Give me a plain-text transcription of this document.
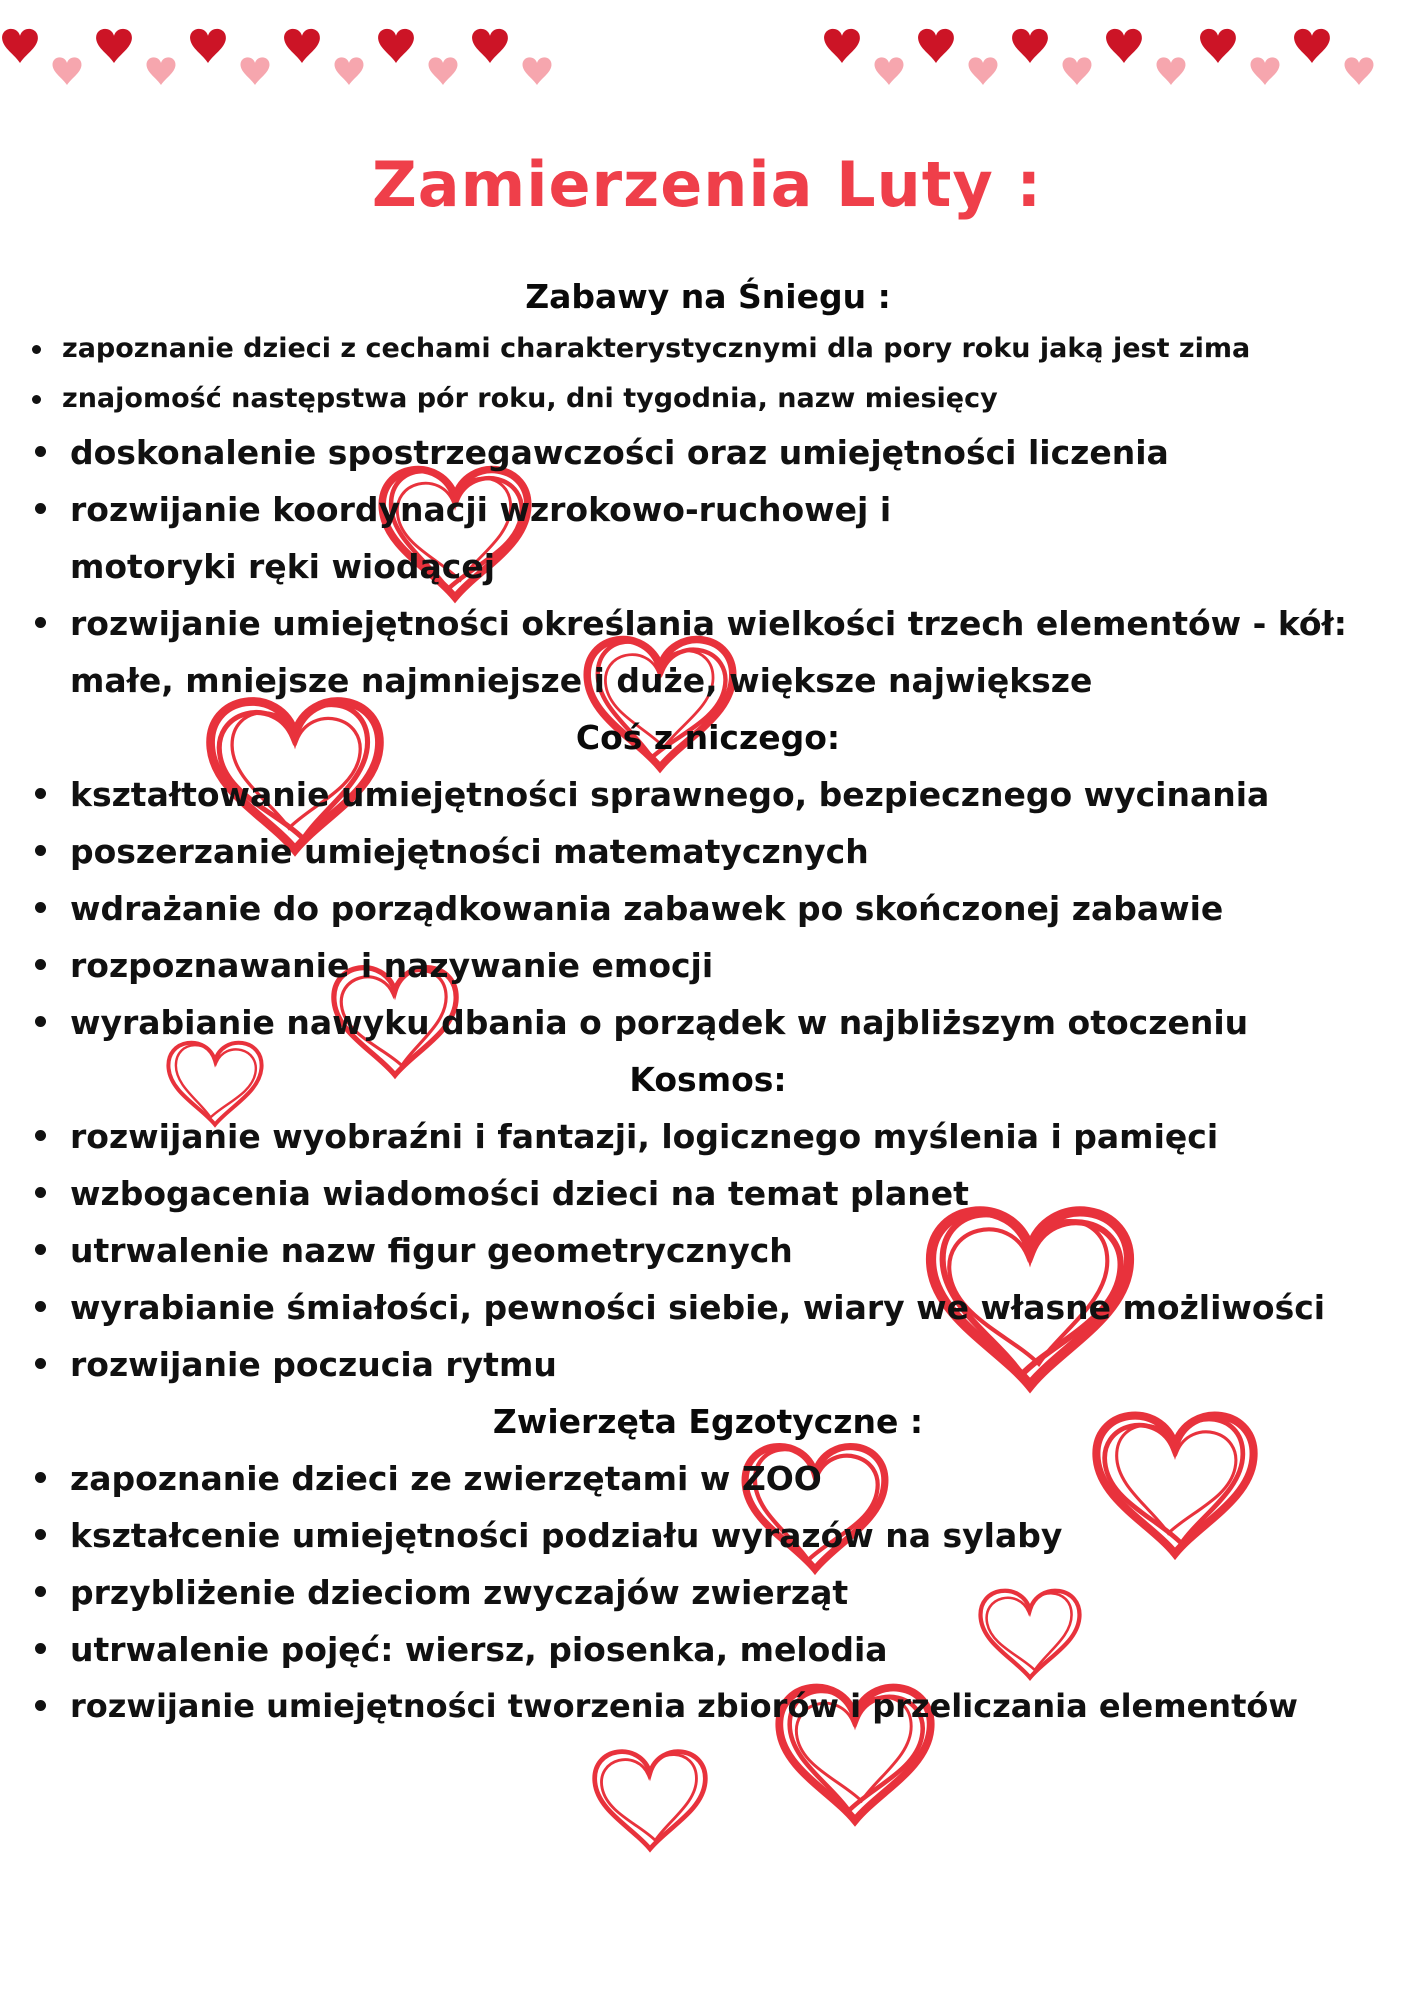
Zamierzenia Luty :
Zabawy na Śniegu :
zapoznanie dzieci z cechami charakterystycznymi dla pory roku jaką jest zima
znajomość następstwa pór roku, dni tygodnia, nazw miesięcy
doskonalenie spostrzegawczości oraz umiejętności liczenia
rozwijanie koordynacji wzrokowo-ruchowej i motoryki ręki wiodącej
rozwijanie umiejętności określania wielkości trzech elementów - kół: małe, mniejsze najmniejsze i duże, większe największe
Coś z niczego:
kształtowanie umiejętności sprawnego, bezpiecznego wycinania
poszerzanie umiejętności matematycznych
wdrażanie do porządkowania zabawek po skończonej zabawie
rozpoznawanie i nazywanie emocji
wyrabianie nawyku dbania o porządek w najbliższym otoczeniu
Kosmos:
rozwijanie wyobraźni i fantazji, logicznego myślenia i pamięci
wzbogacenia wiadomości dzieci na temat planet
utrwalenie nazw figur geometrycznych
wyrabianie śmiałości, pewności siebie, wiary we własne możliwości
rozwijanie poczucia rytmu
Zwierzęta Egzotyczne :
zapoznanie dzieci ze zwierzętami w ZOO
kształcenie umiejętności podziału wyrazów na sylaby
przybliżenie dzieciom zwyczajów zwierząt
utrwalenie pojęć: wiersz, piosenka, melodia
rozwijanie umiejętności tworzenia zbiorów i przeliczania elementów
